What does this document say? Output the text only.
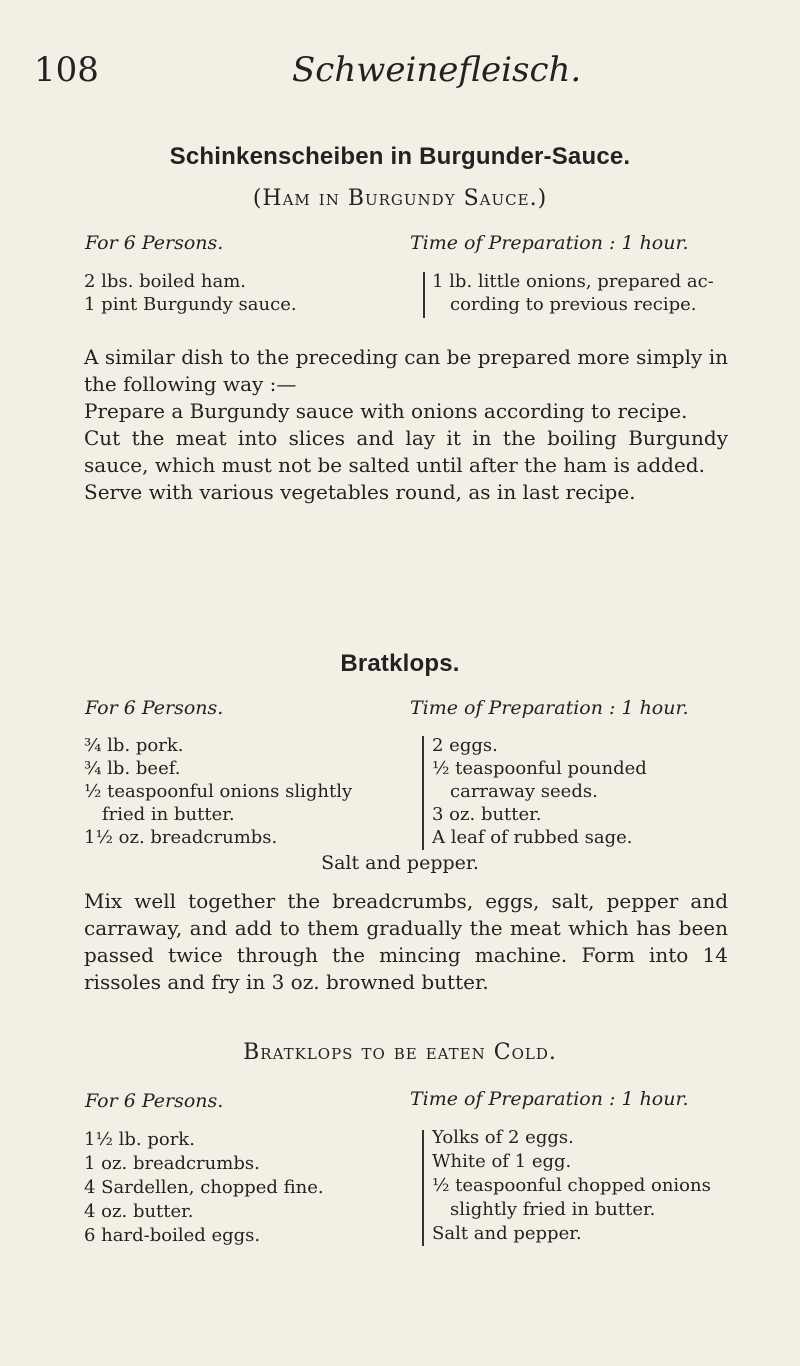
108	Schweinefleisch.
Schinkenscheiben in Burgunder-Sauce.
(Ham in Burgundy Sauce.)
For 6 Persons.	Time of Preparation : 1 hour.
2 lbs. boiled ham.
1 pint Burgundy sauce.
1 lb. little onions, prepared ac-
cording to previous recipe.

A similar dish to the preceding can be prepared more simply in the following way :—

Prepare a Burgundy sauce with onions according to recipe.

Cut the meat into slices and lay it in the boiling Burgundy sauce, which must not be salted until after the ham is added.

Serve with various vegetables round, as in last recipe.

Bratklops.
For 6 Persons.	Time of Preparation : 1 hour.
¾ lb. pork.
¾ lb. beef.
½ teaspoonful onions slightly
fried in butter.
1½ oz. breadcrumbs.
2 eggs.
½ teaspoonful pounded
carraway seeds.
3 oz. butter.
A leaf of rubbed sage.
Salt and pepper.

Mix well together the breadcrumbs, eggs, salt, pepper and carraway, and add to them gradually the meat which has been passed twice through the mincing machine. Form into 14 rissoles and fry in 3 oz. browned butter.

Bratklops to be eaten Cold.
For 6 Persons.	Time of Preparation : 1 hour.
1½ lb. pork.
1 oz. breadcrumbs.
4 Sardellen, chopped fine.
4 oz. butter.
6 hard-boiled eggs.
Yolks of 2 eggs.
White of 1 egg.
½ teaspoonful chopped onions
slightly fried in butter.
Salt and pepper.
